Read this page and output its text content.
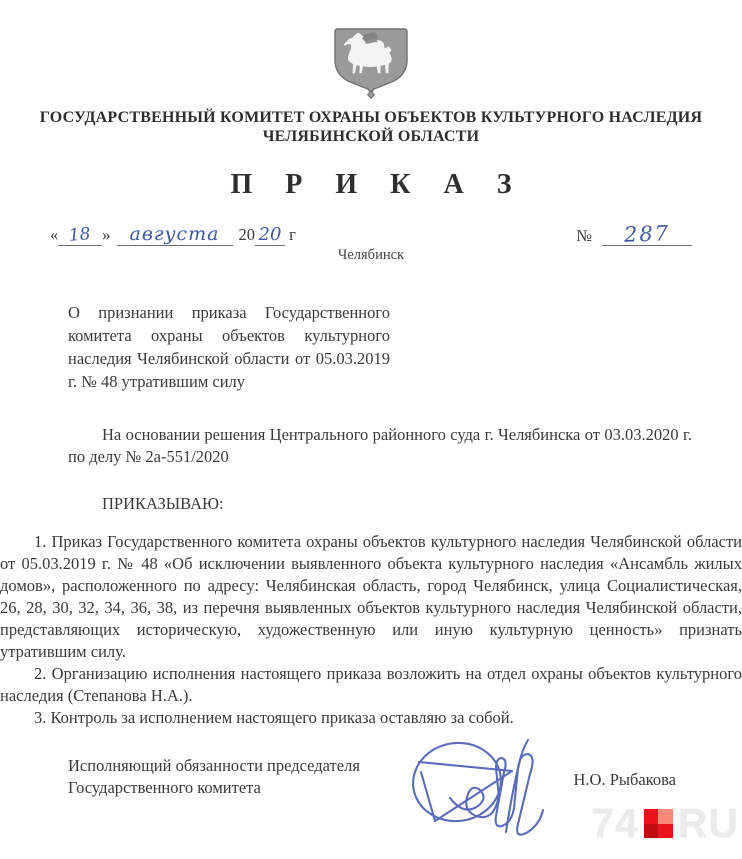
ГОСУДАРСТВЕННЫЙ КОМИТЕТ ОХРАНЫ ОБЪЕКТОВ КУЛЬТУРНОГО НАСЛЕДИЯ
ЧЕЛЯБИНСКОЙ ОБЛАСТИ
П Р И К А З
« 18 » августа 20 20 г	№ 287
Челябинск
О признании приказа Государственного комитета охраны объектов культурного наследия Челябинской области от 05.03.2019 г. № 48 утратившим силу

На основании решения Центрального районного суда г. Челябинска от 03.03.2020 г. по делу № 2а-551/2020

ПРИКАЗЫВАЮ:

1. Приказ Государственного комитета охраны объектов культурного наследия Челябинской области от 05.03.2019 г. № 48 «Об исключении выявленного объекта культурного наследия «Ансамбль жилых домов», расположенного по адресу: Челябинская область, город Челябинск, улица Социалистическая, 26, 28, 30, 32, 34, 36, 38, из перечня выявленных объектов культурного наследия Челябинской области, представляющих историческую, художественную или иную культурную ценность» признать утратившим силу.

2. Организацию исполнения настоящего приказа возложить на отдел охраны объектов культурного наследия (Степанова Н.А.).

3. Контроль за исполнением настоящего приказа оставляю за собой.

Исполняющий обязанности председателя
Государственного комитета	Н.О. Рыбакова
74 RU
